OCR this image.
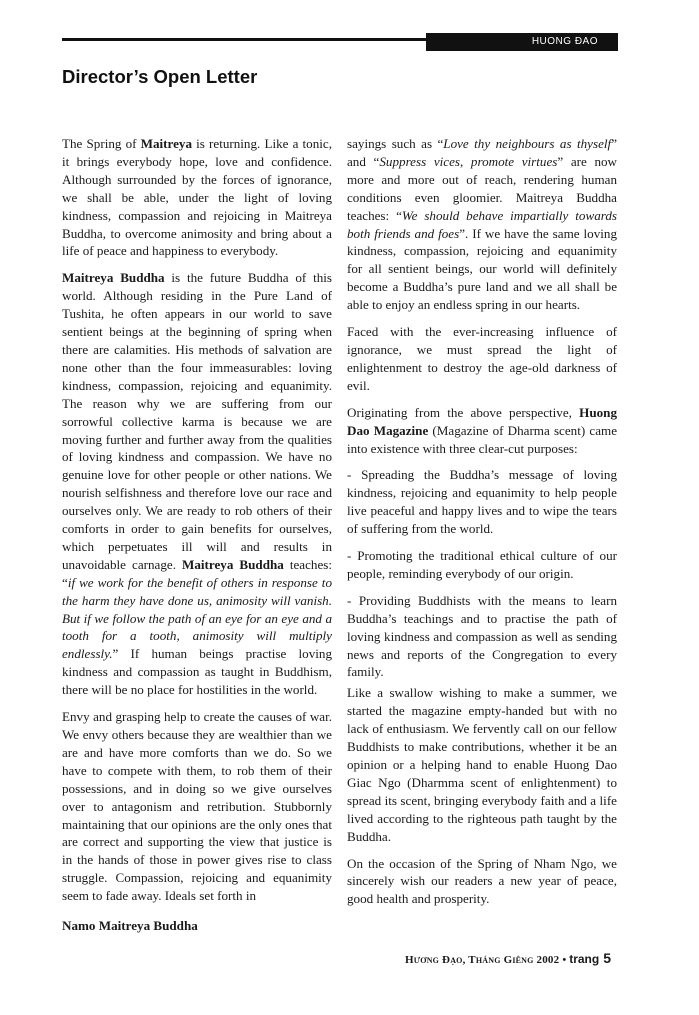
HUONG ĐAO
Director’s Open Letter

The Spring of Maitreya is returning. Like a tonic, it brings everybody hope, love and confidence. Although surrounded by the forces of ignorance, we shall be able, under the light of loving kindness, compassion and rejoicing in Maitreya Buddha, to overcome animosity and bring about a life of peace and happiness to everybody.

Maitreya Buddha is the future Buddha of this world. Although residing in the Pure Land of Tushita, he often appears in our world to save sentient beings at the beginning of spring when there are calamities. His methods of salvation are none other than the four immeasurables: loving kindness, compassion, rejoicing and equanimity. The reason why we are suffering from our sorrowful collective karma is because we are moving further and further away from the qualities of loving kindness and compassion. We have no genuine love for other people or other nations. We nourish selfishness and therefore love our race and ourselves only. We are ready to rob others of their comforts in order to gain benefits for ourselves, which perpetuates ill will and results in unavoidable carnage. Maitreya Buddha teaches: “if we work for the benefit of others in response to the harm they have done us, animosity will vanish. But if we follow the path of an eye for an eye and a tooth for a tooth, animosity will multiply endlessly.” If human beings practise loving kindness and compassion as taught in Buddhism, there will be no place for hostilities in the world.

Envy and grasping help to create the causes of war. We envy others because they are wealthier than we are and have more comforts than we do. So we have to compete with them, to rob them of their possessions, and in doing so we give ourselves over to antagonism and retribution. Stubbornly maintaining that our opinions are the only ones that are correct and supporting the view that justice is in the hands of those in power gives rise to class struggle. Compassion, rejoicing and equanimity seem to fade away. Ideals set forth in

sayings such as “Love thy neighbours as thyself” and “Suppress vices, promote virtues” are now more and more out of reach, rendering human conditions even gloomier. Maitreya Buddha teaches: “We should behave impartially towards both friends and foes”. If we have the same loving kindness, compassion, rejoicing and equanimity for all sentient beings, our world will definitely become a Buddha’s pure land and we all shall be able to enjoy an endless spring in our hearts.

Faced with the ever-increasing influence of ignorance, we must spread the light of enlightenment to destroy the age-old darkness of evil.

Originating from the above perspective, Huong Dao Magazine (Magazine of Dharma scent) came into existence with three clear-cut purposes:

- Spreading the Buddha’s message of loving kindness, rejoicing and equanimity to help people live peaceful and happy lives and to wipe the tears of suffering from the world.

- Promoting the traditional ethical culture of our people, reminding everybody of our origin.

- Providing Buddhists with the means to learn Buddha’s teachings and to practise the path of loving kindness and compassion as well as sending news and reports of the Congregation to every family.

Like a swallow wishing to make a summer, we started the magazine empty-handed but with no lack of enthusiasm. We fervently call on our fellow Buddhists to make contributions, whether it be an opinion or a helping hand to enable Huong Dao Giac Ngo (Dharmma scent of enlightenment) to spread its scent, bringing everybody faith and a life lived according to the righteous path taught by the Buddha.

On the occasion of the Spring of Nham Ngo, we sincerely wish our readers a new year of peace, good health and prosperity.

Namo Maitreya Buddha
Hương Đạo, Tháng Giêng 2002 • trang 5
